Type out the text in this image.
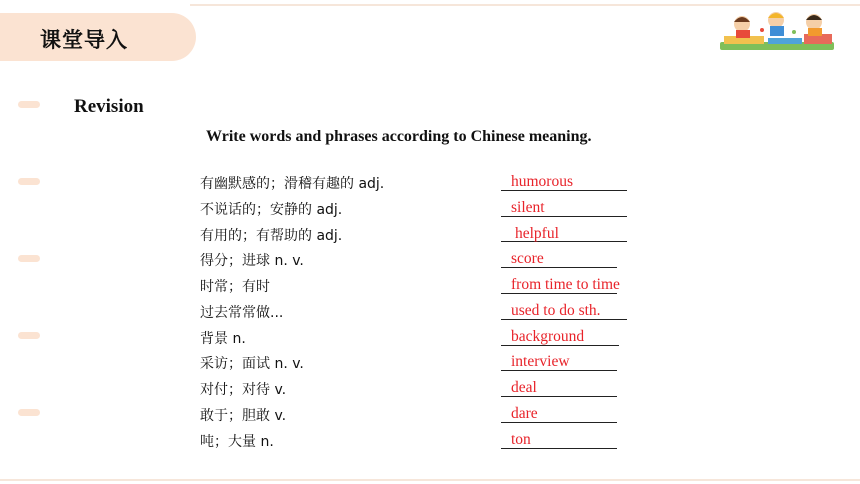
课堂导入
Revision
Write words and phrases according to Chinese meaning.
有幽默感的；滑稽有趣的 adj.	humorous
不说话的；安静的 adj.	silent
有用的；有帮助的 adj.	helpful
得分；进球 n. v.	score
时常；有时	from time to time
过去常常做...	used to do sth.
背景 n.	background
采访；面试 n. v.	interview
对付；对待 v.	deal
敢于；胆敢 v.	dare
吨；大量 n.	ton
